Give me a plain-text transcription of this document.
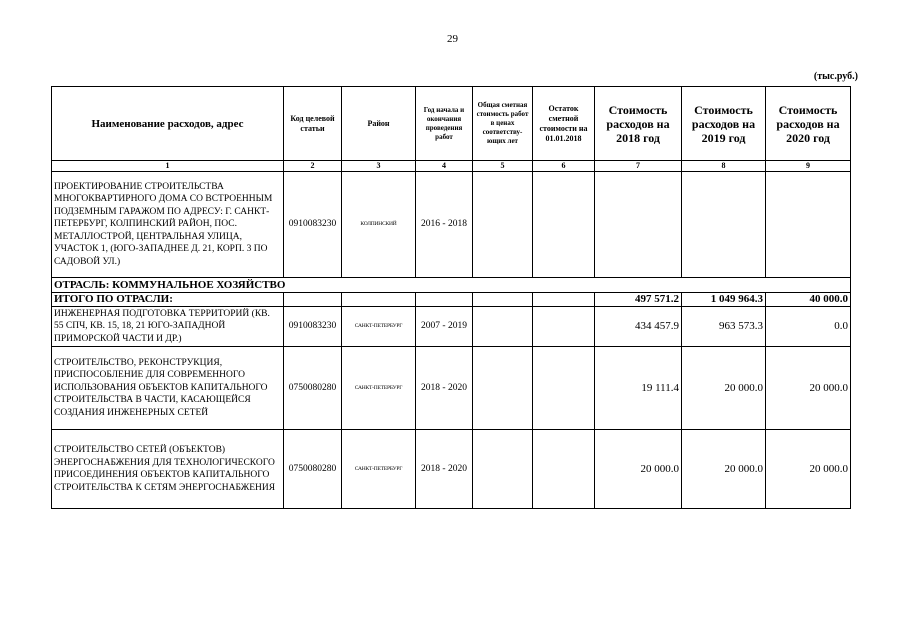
29
(тыс.руб.)
Наименование расходов, адрес	Код целевой статьи	Район	Год начала и окончания проведения работ	Общая сметная стоимость работ в ценах соответству-ющих лет	Остаток сметной стоимости на 01.01.2018	Стоимость расходов на 2018 год	Стоимость расходов на 2019 год	Стоимость расходов на 2020 год
1	2	3	4	5	6	7	8	9
ПРОЕКТИРОВАНИЕ СТРОИТЕЛЬСТВА МНОГОКВАРТИРНОГО ДОМА СО ВСТРОЕННЫМ ПОДЗЕМНЫМ ГАРАЖОМ ПО АДРЕСУ: Г. САНКТ-ПЕТЕРБУРГ, КОЛПИНСКИЙ РАЙОН, ПОС. МЕТАЛЛОСТРОЙ, ЦЕНТРАЛЬНАЯ УЛИЦА, УЧАСТОК 1, (ЮГО-ЗАПАДНЕЕ Д. 21, КОРП. 3 ПО САДОВОЙ УЛ.)	0910083230	КОЛПИНСКИЙ	2016 - 2018					
ОТРАСЛЬ: КОММУНАЛЬНОЕ ХОЗЯЙСТВО								
ИТОГО ПО ОТРАСЛИ:						497 571.2	1 049 964.3	40 000.0
ИНЖЕНЕРНАЯ ПОДГОТОВКА ТЕРРИТОРИЙ (КВ. 55 СПЧ, КВ. 15, 18, 21 ЮГО-ЗАПАДНОЙ ПРИМОРСКОЙ ЧАСТИ И ДР.)	0910083230	САНКТ-ПЕТЕРБУРГ	2007 - 2019			434 457.9	963 573.3	0.0
СТРОИТЕЛЬСТВО, РЕКОНСТРУКЦИЯ, ПРИСПОСОБЛЕНИЕ ДЛЯ СОВРЕМЕННОГО ИСПОЛЬЗОВАНИЯ ОБЪЕКТОВ КАПИТАЛЬНОГО СТРОИТЕЛЬСТВА В ЧАСТИ, КАСАЮЩЕЙСЯ СОЗДАНИЯ ИНЖЕНЕРНЫХ СЕТЕЙ	0750080280	САНКТ-ПЕТЕРБУРГ	2018 - 2020			19 111.4	20 000.0	20 000.0
СТРОИТЕЛЬСТВО СЕТЕЙ (ОБЪЕКТОВ) ЭНЕРГОСНАБЖЕНИЯ ДЛЯ ТЕХНОЛОГИЧЕСКОГО ПРИСОЕДИНЕНИЯ ОБЪЕКТОВ КАПИТАЛЬНОГО СТРОИТЕЛЬСТВА К СЕТЯМ ЭНЕРГОСНАБЖЕНИЯ	0750080280	САНКТ-ПЕТЕРБУРГ	2018 - 2020			20 000.0	20 000.0	20 000.0
